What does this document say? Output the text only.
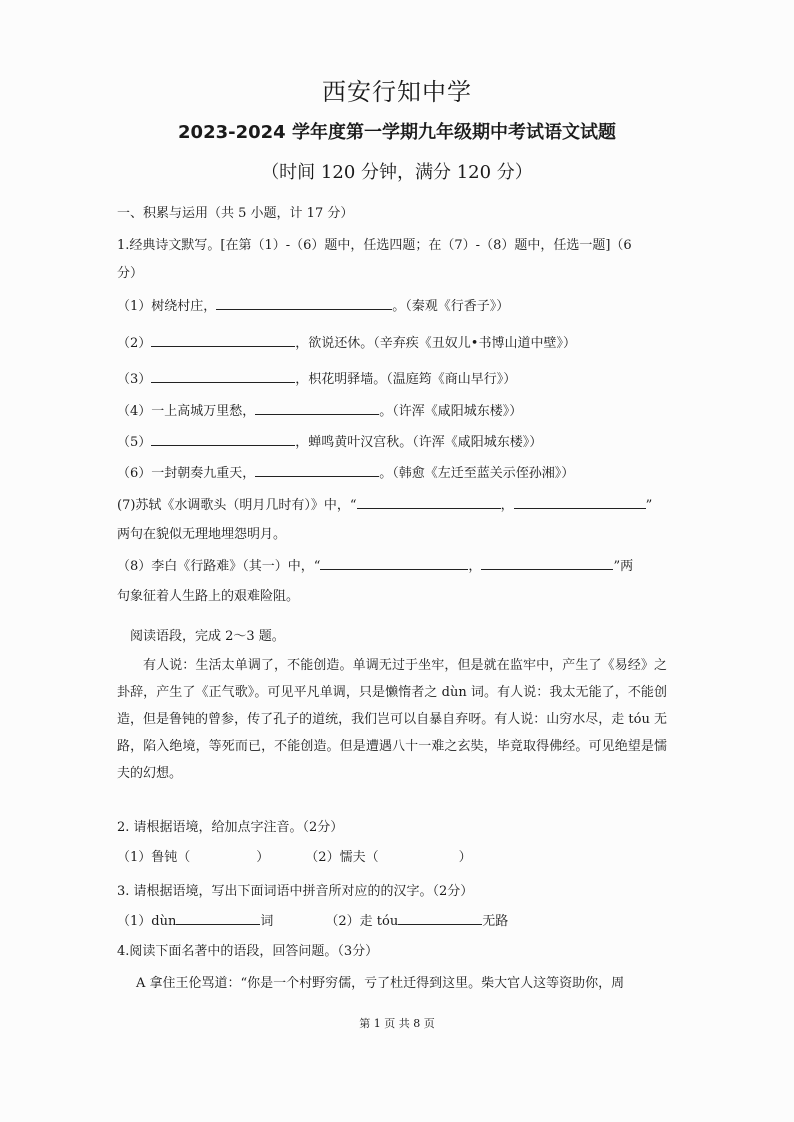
西安行知中学
2023-2024 学年度第一学期九年级期中考试语文试题
（时间 120 分钟，满分 120 分）
一、积累与运用（共 5 小题，计 17 分）
1.经典诗文默写。[在第（1）-（6）题中，任选四题；在（7）-（8）题中，任选一题]（6
分）
（1）树绕村庄，	。（秦观《行香子》）
（2）	，欲说还休。（辛弃疾《丑奴儿•书博山道中壁》）
（3）	，枳花明驿墙。（温庭筠《商山早行》）
（4）一上高城万里愁，	。（许浑《咸阳城东楼》）
（5）	，蝉鸣黄叶汉宫秋。（许浑《咸阳城东楼》）
（6）一封朝奏九重天，	。（韩愈《左迁至蓝关示侄孙湘》）
(7)苏轼《水调歌头（明月几时有）》中，“	，	”
两句在貌似无理地埋怨明月。
（8）李白《行路难》（其一）中，“	，	”两
句象征着人生路上的艰难险阻。
阅读语段，完成 2～3 题。
有人说：生活太单调了，不能创造。单调无过于坐牢，但是就在监牢中，产生了《易经》之卦辞，产生了《正气歌》。可见平凡单调，只是懒惰者之 dùn 词。有人说：我太无能了，不能创造，但是鲁钝的曾参，传了孔子的道统，我们岂可以自暴自弃呀。有人说：山穷水尽，走 tóu 无路，陷入绝境，等死而已，不能创造。但是遭遇八十一难之玄奘，毕竟取得佛经。可见绝望是懦夫的幻想。
2. 请根据语境，给加点字注音。（2分）
（1）鲁钝（	）	（2）懦夫（	）
3. 请根据语境，写出下面词语中拼音所对应的的汉字。（2分）
（1）dùn	词	（2）走 tóu	无路
4.阅读下面名著中的语段，回答问题。（3分）
A 拿住王伦骂道：“你是一个村野穷儒，亏了杜迁得到这里。柴大官人这等资助你，周
第 1 页 共 8 页
